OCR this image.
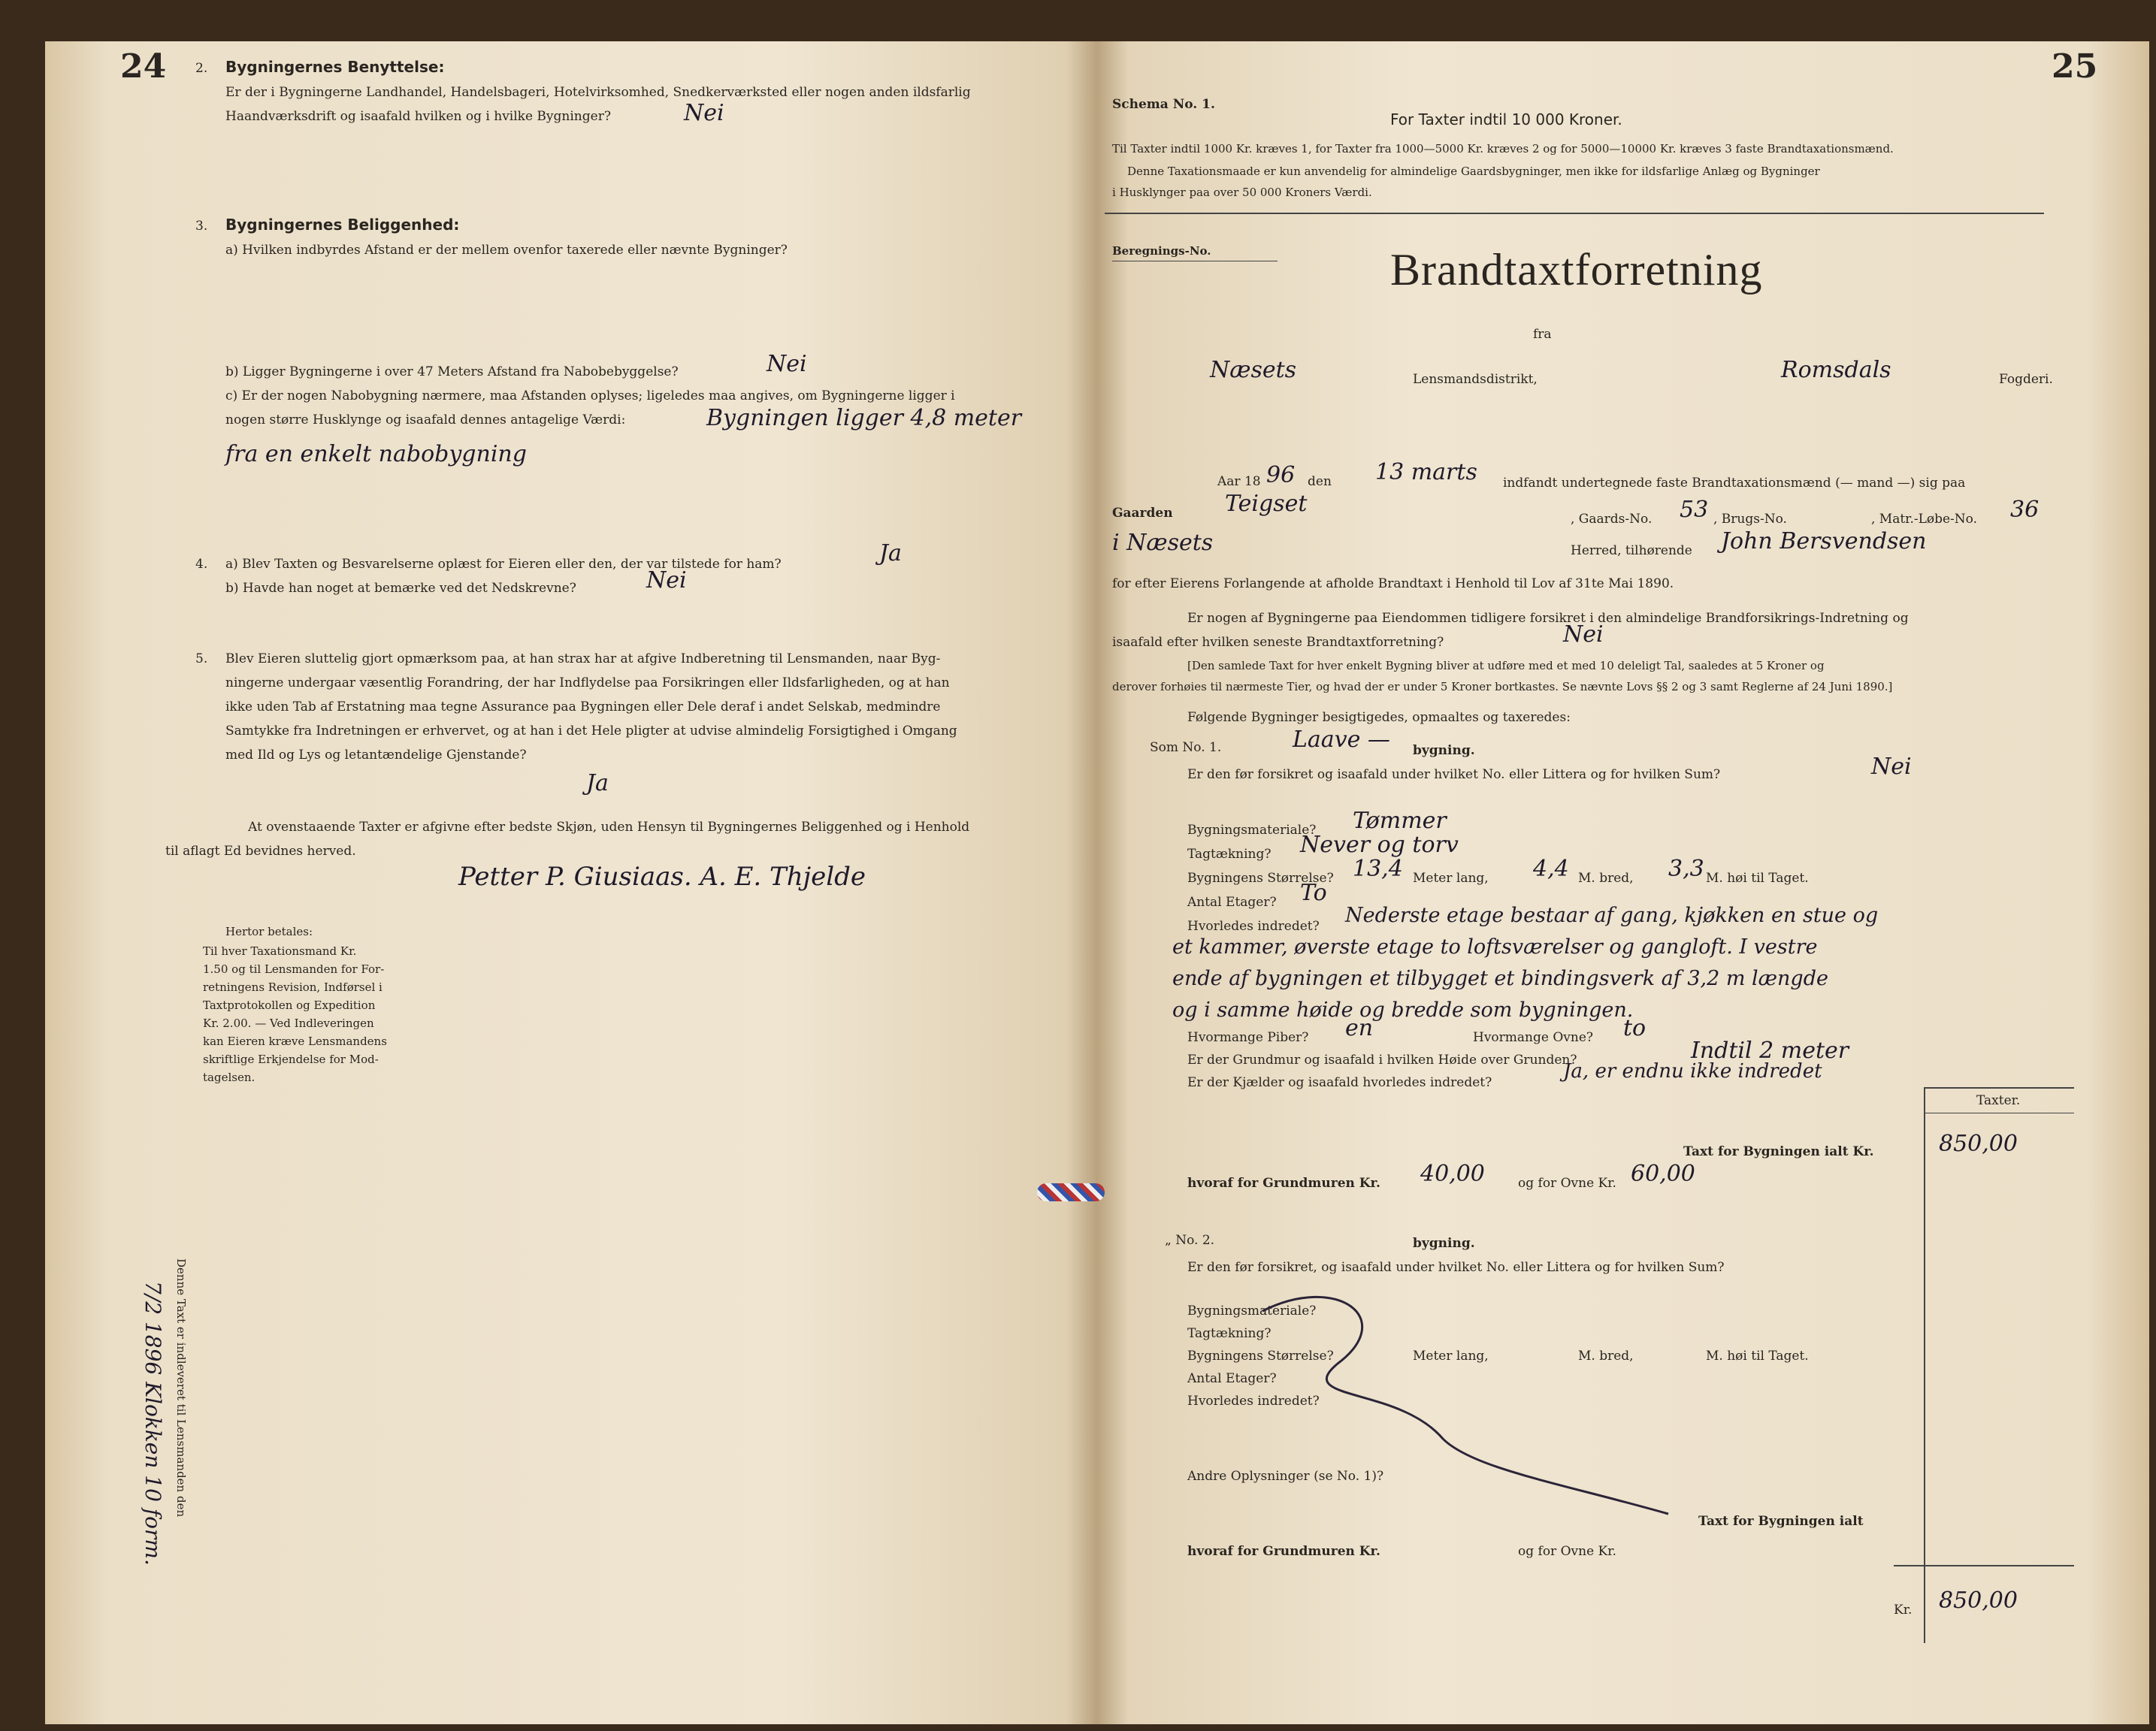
24 2. Bygningernes Benyttelse:
Er der i Bygningerne Landhandel, Handelsbageri, Hotelvirksomhed, Snedkerværksted eller nogen anden ildsfarlig
Haandværksdrift og isaafald hvilken og i hvilke Bygninger?	Nei
3. Bygningernes Beliggenhed:
a) Hvilken indbyrdes Afstand er der mellem ovenfor taxerede eller nævnte Bygninger?
b) Ligger Bygningerne i over 47 Meters Afstand fra Nabobebyggelse?	Nei
c) Er der nogen Nabobygning nærmere, maa Afstanden oplyses; ligeledes maa angives, om Bygningerne ligger i
nogen større Husklynge og isaafald dennes antagelige Værdi:	Bygningen ligger 4,8 meter
fra en enkelt nabobygning
4. a) Blev Taxten og Besvarelserne oplæst for Eieren eller den, der var tilstede for ham?	Ja
b) Havde han noget at bemærke ved det Nedskrevne?	Nei
5. Blev Eieren sluttelig gjort opmærksom paa, at han strax har at afgive Indberetning til Lensmanden, naar Byg-
ningerne undergaar væsentlig Forandring, der har Indflydelse paa Forsikringen eller Ildsfarligheden, og at han
ikke uden Tab af Erstatning maa tegne Assurance paa Bygningen eller Dele deraf i andet Selskab, medmindre
Samtykke fra Indretningen er erhvervet, og at han i det Hele pligter at udvise almindelig Forsigtighed i Omgang
med Ild og Lys og letantændelige Gjenstande?
Ja
At ovenstaaende Taxter er afgivne efter bedste Skjøn, uden Hensyn til Bygningernes Beliggenhed og i Henhold
til aflagt Ed bevidnes herved.
Petter P. Giusiaas. A. E. Thjelde
Hertor betales:
Til hver Taxationsmand Kr.
1.50 og til Lensmanden for For-
retningens Revision, Indførsel i
Taxtprotokollen og Expedition
Kr. 2.00. — Ved Indleveringen
kan Eieren kræve Lensmandens
skriftlige Erkjendelse for Mod-
tagelsen.
Denne Taxt er indleveret til Lensmanden den
7/2 1896 Klokken 10 form.
25
Schema No. 1.
For Taxter indtil 10 000 Kroner.
Til Taxter indtil 1000 Kr. kræves 1, for Taxter fra 1000—5000 Kr. kræves 2 og for 5000—10000 Kr. kræves 3 faste Brandtaxationsmænd.
Denne Taxationsmaade er kun anvendelig for almindelige Gaardsbygninger, men ikke for ildsfarlige Anlæg og Bygninger
i Husklynger paa over 50 000 Kroners Værdi.
Beregnings-No.	Brandtaxtforretning
fra
Næsets	Lensmandsdistrikt,	Romsdals	Fogderi.
Aar 18 96 den 13 marts indfandt undertegnede faste Brandtaxationsmænd (— mand —) sig paa
Gaarden Teigset
, Gaards-No. 53 , Brugs-No.	, Matr.-Løbe-No. 36
i Næsets	Herred, tilhørende John Bersvendsen
for efter Eierens Forlangende at afholde Brandtaxt i Henhold til Lov af 31te Mai 1890.
Er nogen af Bygningerne paa Eiendommen tidligere forsikret i den almindelige Brandforsikrings-Indretning og
isaafald efter hvilken seneste Brandtaxtforretning?	Nei
[Den samlede Taxt for hver enkelt Bygning bliver at udføre med et med 10 deleligt Tal, saaledes at 5 Kroner og
derover forhøies til nærmeste Tier, og hvad der er under 5 Kroner bortkastes. Se nævnte Lovs §§ 2 og 3 samt Reglerne af 24 Juni 1890.]
Følgende Bygninger besigtigedes, opmaaltes og taxeredes:
Som No. 1.	Laave — bygning.
Er den før forsikret og isaafald under hvilket No. eller Littera og for hvilken Sum?	Nei
Bygningsmateriale? Tømmer
Tagtækning? Never og torv
Bygningens Størrelse? 13,4 Meter lang, 4,4 M. bred, 3,3 M. høi til Taget.
Antal Etager? To
Hvorledes indredet? Nederste etage bestaar af gang, kjøkken en stue og
et kammer, øverste etage to loftsværelser og gangloft. I vestre
ende af bygningen et tilbygget et bindingsverk af 3,2 m længde
og i samme høide og bredde som bygningen.
Hvormange Piber? en	Hvormange Ovne? to
Er der Grundmur og isaafald i hvilken Høide over Grunden?	Indtil 2 meter
Er der Kjælder og isaafald hvorledes indredet?	Ja, er endnu ikke indredet
Taxter.
Taxt for Bygningen ialt Kr.	850,00
hvoraf for Grundmuren Kr. 40,00	og for Ovne Kr. 60,00
„ No. 2.	bygning.
Er den før forsikret, og isaafald under hvilket No. eller Littera og for hvilken Sum?
Bygningsmateriale?
Tagtækning?
Bygningens Størrelse?	Meter lang,	M. bred,	M. høi til Taget.
Antal Etager?
Hvorledes indredet?
Andre Oplysninger (se No. 1)?
Taxt for Bygningen ialt
hvoraf for Grundmuren Kr.	og for Ovne Kr.
Kr. 850,00
